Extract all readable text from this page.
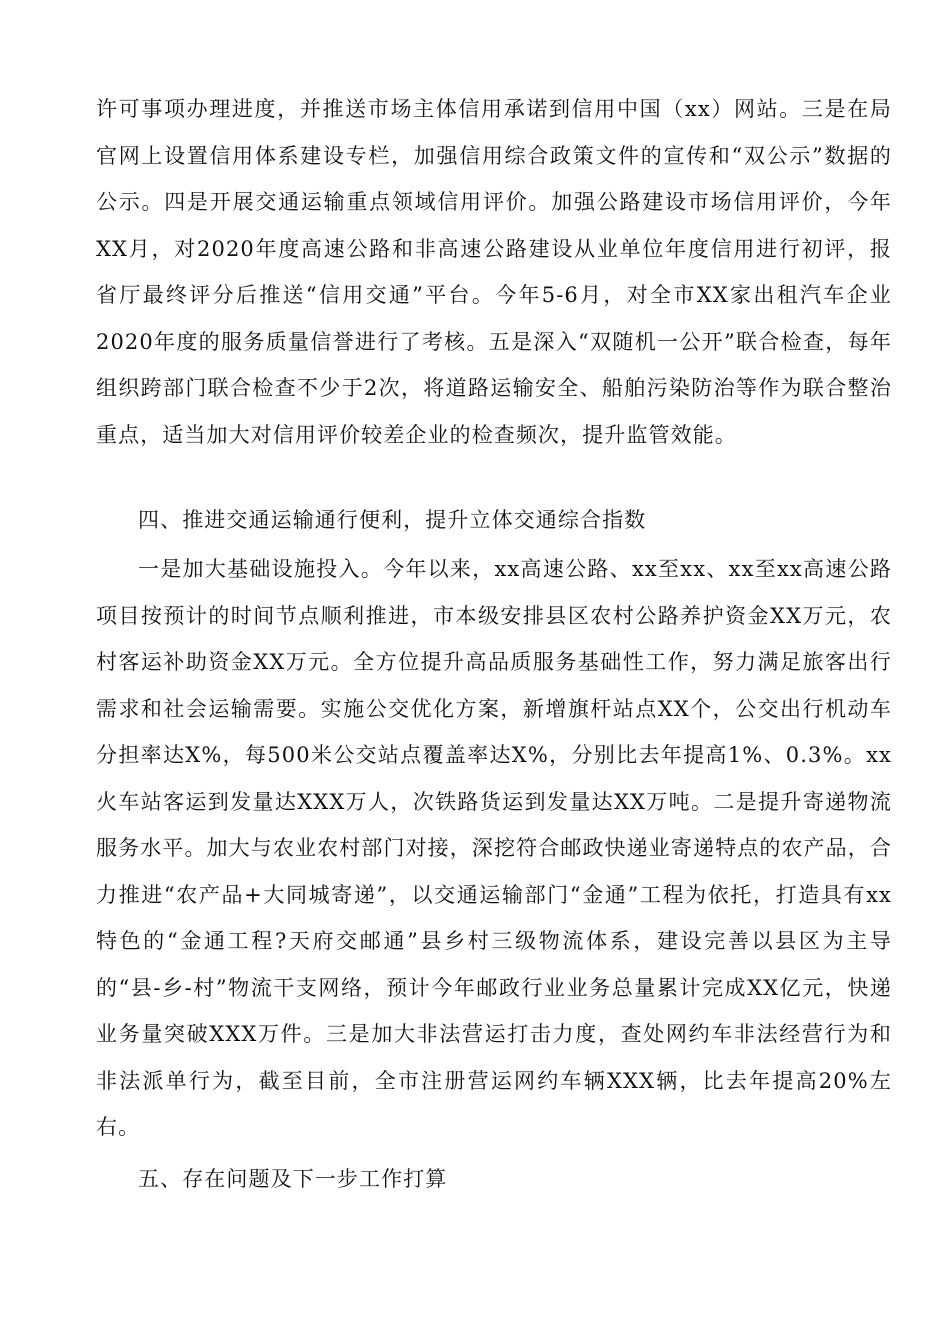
许可事项办理进度，并推送市场主体信用承诺到信用中国（xx）网站。三是在局官网上设置信用体系建设专栏，加强信用综合政策文件的宣传和“双公示”数据的公示。四是开展交通运输重点领域信用评价。加强公路建设市场信用评价，今年XX月，对2020年度高速公路和非高速公路建设从业单位年度信用进行初评，报省厅最终评分后推送“信用交通”平台。今年5-6月，对全市XX家出租汽车企业2020年度的服务质量信誉进行了考核。五是深入“双随机一公开”联合检查，每年组织跨部门联合检查不少于2次，将道路运输安全、船舶污染防治等作为联合整治重点，适当加大对信用评价较差企业的检查频次，提升监管效能。

四、推进交通运输通行便利，提升立体交通综合指数

一是加大基础设施投入。今年以来，xx高速公路、xx至xx、xx至xx高速公路项目按预计的时间节点顺利推进，市本级安排县区农村公路养护资金XX万元，农村客运补助资金XX万元。全方位提升高品质服务基础性工作，努力满足旅客出行需求和社会运输需要。实施公交优化方案，新增旗杆站点XX个，公交出行机动车分担率达X%，每500米公交站点覆盖率达X%，分别比去年提高1%、0.3%。xx火车站客运到发量达XXX万人，次铁路货运到发量达XX万吨。二是提升寄递物流服务水平。加大与农业农村部门对接，深挖符合邮政快递业寄递特点的农产品，合力推进“农产品+大同城寄递”，以交通运输部门“金通”工程为依托，打造具有xx特色的“金通工程?天府交邮通”县乡村三级物流体系，建设完善以县区为主导的“县-乡-村”物流干支网络，预计今年邮政行业业务总量累计完成XX亿元，快递业务量突破XXX万件。三是加大非法营运打击力度，查处网约车非法经营行为和非法派单行为，截至目前，全市注册营运网约车辆XXX辆，比去年提高20%左右。

五、存在问题及下一步工作打算
